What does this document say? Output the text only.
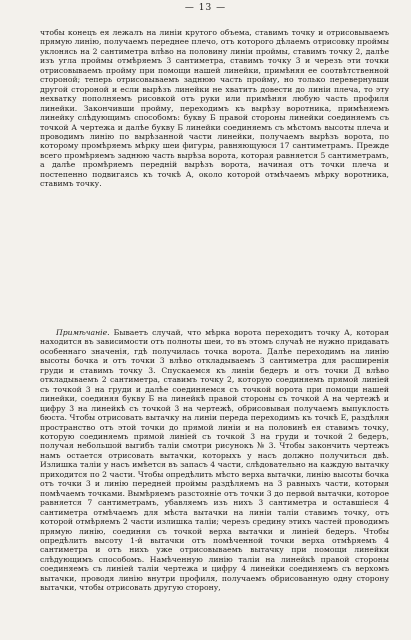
— 13 —

чтобы конецъ ея лежалъ на линіи крутого объема, ставимъ точку и отрисовываемъ прямую линію, получаемъ переднее плечо, отъ которого дѣлаемъ отрисовку проймы уклонясь на 2 сантиметра влѣво на половину линіи проймы, ставимъ точку 2, далѣе изъ угла проймы отмѣряемъ 3 сантиметра, ставимъ точку 3 и черезъ эти точки отрисовываемъ пройму при помощи нашей линейки, примѣняя ее соотвѣтственной стороной; теперь отрисовываемъ заднюю часть пройму, но только перевернувши другой стороной и если вырѣзъ линейки не хватитъ довести до линіи плеча, то эту нехватку пополняемъ рисовкой отъ руки или примѣняя любую часть профиля линейки. Закончивши пройму, переходимъ къ вырѣзу воротника, примѣняемъ линейку слѣдующимъ способомъ: букву Б правой стороны линейки соединяемъ съ точкой А чертежа и далѣе букву Б линейки соединяемъ съ мѣстомъ высоты плеча и проводимъ линію по вырѣзанной части линейки, получаемъ вырѣзъ ворота, по которому промѣряемъ мѣрку шеи фигуры, равняющуюся 17 сантиметрамъ. Прежде всего промѣряемъ заднюю часть вырѣза ворота, которая равняется 5 сантиметрамъ, а далѣе промѣряемъ передній вырѣзъ ворота, начиная отъ точки плеча и постепенно подвигаясь къ точкѣ А, около которой отмѣчаемъ мѣрку воротника, ставимъ точку.

Примѣчаніе. Бываетъ случай, что мѣрка ворота переходитъ точку А, которая находится въ зависимости отъ полноты шеи, то въ этомъ случаѣ не нужно придавать особеннаго значенія, гдѣ получилась точка ворота. Далѣе переходимъ на линію высоты бочка и отъ точки 3 влѣво откладываемъ 3 сантиметра для расширенія груди и ставимъ точку 3. Спускаемся къ линіи бедеръ и отъ точки Д влѣво откладываемъ 2 сантиметра, ставимъ точку 2, которую соединяемъ прямой линіей съ точкой 3 на груди и далѣе соединяемся съ точкой ворота при помощи нашей линейки, соединяя букву Б на линейкѣ правой стороны съ точкой А на чертежѣ и цифру 3 на линейкѣ съ точкой 3 на чертежѣ, обрисовывая получаемъ выпуклость бюста. Чтобы отрисовать вытачку на линіи переда переходимъ къ точкѣ Е, раздѣляя пространство отъ этой точки до прямой линіи и на половинѣ ея ставимъ точку, которую соединяемъ прямой линіей съ точкой 3 на груди и точкой 2 бедеръ, получая небольшой выгибъ таліи смотри рисунокъ № 3. Чтобы закончить чертежъ намъ остается отрисовать вытачки, которыхъ у насъ должно получиться двѣ. Излишка таліи у насъ имѣется въ запасъ 4 части, слѣдовательно на каждую вытачку приходится по 2 части. Чтобы опредѣлить мѣсто верха вытачки, линію высоты бочка отъ точки 3 и линію передней проймы раздѣляемъ на 3 равныхъ части, которыя помѣчаемъ точками. Вымѣряемъ разстояніе отъ точки 3 до первой вытачки, которое равняется 7 сантиметрамъ, убавляемъ изъ нихъ 3 сантиметра и оставшіеся 4 сантиметра отмѣчаемъ для мѣста вытачки на линіи таліи ставимъ точку, отъ которой отмѣряемъ 2 части излишка таліи; черезъ средину этихъ частей проводимъ прямую линію, соединяя съ точкой верха вытачки и линіей бедеръ. Чтобы опредѣлить высоту 1-й вытачки отъ помѣченной точки верха отмѣряемъ 4 сантиметра и отъ нихъ уже отрисовываемъ вытачку при помощи линейки слѣдующимъ способомъ. Намѣченную линію таліи на линейкѣ правой стороны соединяемъ съ линіей таліи чертежа и цифру 4 линейки соединяемъ съ верхомъ вытачки, проводя линію внутри профиля, получаемъ обрисованную одну сторону вытачки, чтобы отрисовать другую сторону,
